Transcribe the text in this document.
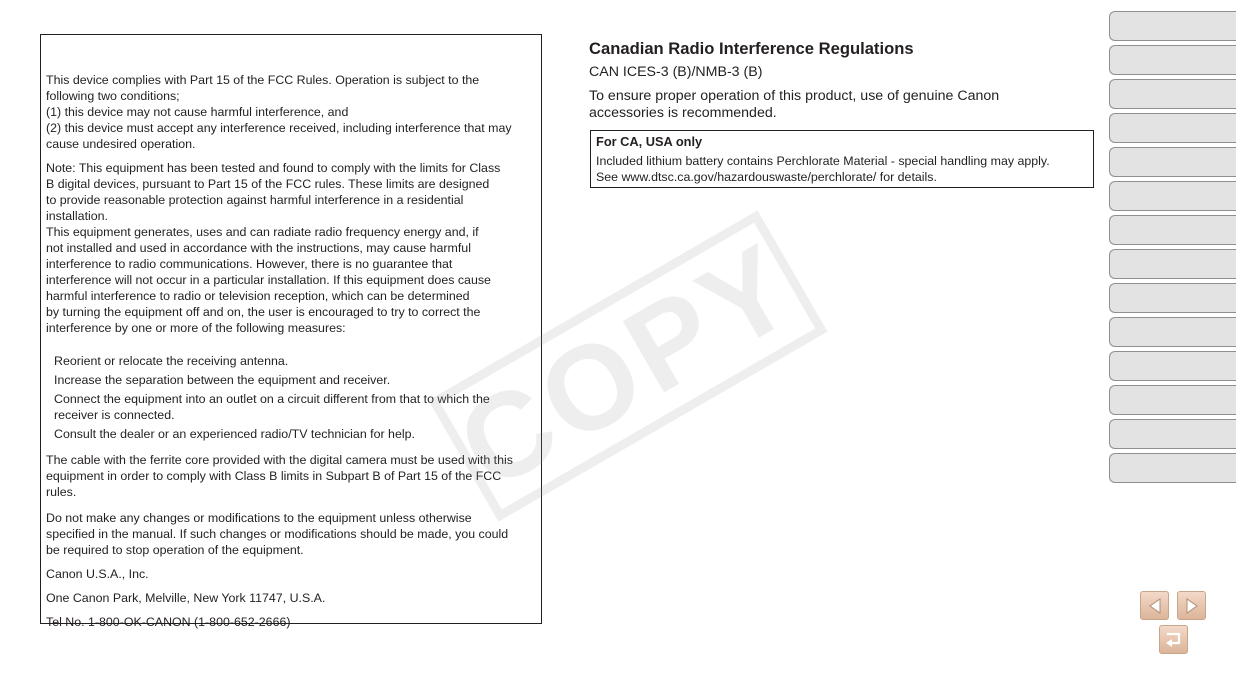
This device complies with Part 15 of the FCC Rules. Operation is subject to the
following two conditions;
(1) this device may not cause harmful interference, and
(2) this device must accept any interference received, including interference that may
cause undesired operation.

Note: This equipment has been tested and found to comply with the limits for Class
B digital devices, pursuant to Part 15 of the FCC rules. These limits are designed
to provide reasonable protection against harmful interference in a residential
installation.
This equipment generates, uses and can radiate radio frequency energy and, if
not installed and used in accordance with the instructions, may cause harmful
interference to radio communications. However, there is no guarantee that
interference will not occur in a particular installation. If this equipment does cause
harmful interference to radio or television reception, which can be determined
by turning the equipment off and on, the user is encouraged to try to correct the
interference by one or more of the following measures:

Reorient or relocate the receiving antenna.
Increase the separation between the equipment and receiver.
Connect the equipment into an outlet on a circuit different from that to which the
receiver is connected.
Consult the dealer or an experienced radio/TV technician for help.

The cable with the ferrite core provided with the digital camera must be used with this
equipment in order to comply with Class B limits in Subpart B of Part 15 of the FCC
rules.

Do not make any changes or modifications to the equipment unless otherwise
specified in the manual. If such changes or modifications should be made, you could
be required to stop operation of the equipment.

Canon U.S.A., Inc.

One Canon Park, Melville, New York 11747, U.S.A.

Tel No. 1-800-OK-CANON (1-800-652-2666)

Canadian Radio Interference Regulations

CAN ICES-3 (B)/NMB-3 (B)

To ensure proper operation of this product, use of genuine Canon
accessories is recommended.

For CA, USA only

Included lithium battery contains Perchlorate Material - special handling may apply.
See www.dtsc.ca.gov/hazardouswaste/perchlorate/ for details.

COPY
